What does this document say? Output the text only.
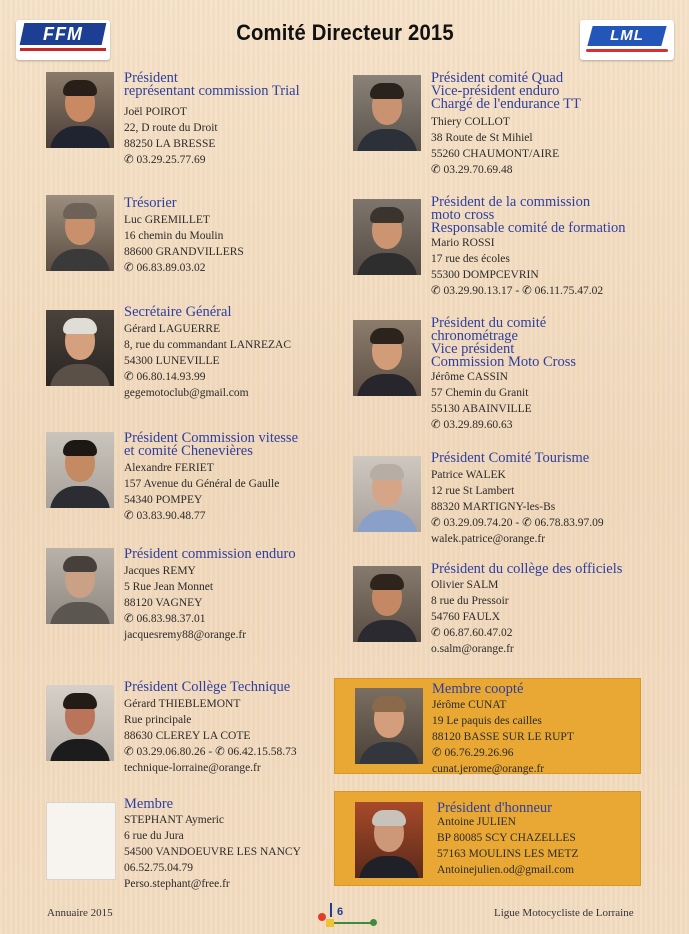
FFM	Comité Directeur 2015	LML
Président
représentant commission Trial
Joël POIROT
22, D route du Droit
88250 LA BRESSE
✆ 03.29.25.77.69
Trésorier
Luc GREMILLET
16 chemin du Moulin
88600 GRANDVILLERS
✆ 06.83.89.03.02
Secrétaire Général
Gérard LAGUERRE
8, rue du commandant LANREZAC
54300 LUNEVILLE
✆ 06.80.14.93.99
gegemotoclub@gmail.com
Président Commission vitesse
et comité Chenevières
Alexandre FERIET
157 Avenue du Général de Gaulle
54340 POMPEY
✆ 03.83.90.48.77
Président commission enduro
Jacques REMY
5 Rue Jean Monnet
88120 VAGNEY
✆ 06.83.98.37.01
jacquesremy88@orange.fr
Président Collège Technique
Gérard THIEBLEMONT
Rue principale
88630 CLEREY LA COTE
✆ 03.29.06.80.26 - ✆ 06.42.15.58.73
technique-lorraine@orange.fr
Membre
STEPHANT Aymeric
6 rue du Jura
54500 VANDOEUVRE LES NANCY
06.52.75.04.79
Perso.stephant@free.fr
Président comité Quad
Vice-président enduro
Chargé de l'endurance TT
Thiery COLLOT
38 Route de St Mihiel
55260 CHAUMONT/AIRE
✆ 03.29.70.69.48
Président de la commission
moto cross
Responsable comité de formation
Mario ROSSI
17 rue des écoles
55300 DOMPCEVRIN
✆ 03.29.90.13.17 - ✆ 06.11.75.47.02
Président du comité
chronométrage
Vice président
Commission Moto Cross
Jérôme CASSIN
57 Chemin du Granit
55130 ABAINVILLE
✆ 03.29.89.60.63
Président Comité Tourisme
Patrice WALEK
12 rue St Lambert
88320 MARTIGNY-les-Bs
✆ 03.29.09.74.20 - ✆ 06.78.83.97.09
walek.patrice@orange.fr
Président du collège des officiels
Olivier SALM
8 rue du Pressoir
54760 FAULX
✆ 06.87.60.47.02
o.salm@orange.fr
Membre coopté
Jérôme CUNAT
19 Le paquis des cailles
88120 BASSE SUR LE RUPT
✆ 06.76.29.26.96
cunat.jerome@orange.fr
Président d'honneur
Antoine JULIEN
BP 80085 SCY CHAZELLES
57163 MOULINS LES METZ
Antoinejulien.od@gmail.com
Annuaire 2015	6	Ligue Motocycliste de Lorraine
